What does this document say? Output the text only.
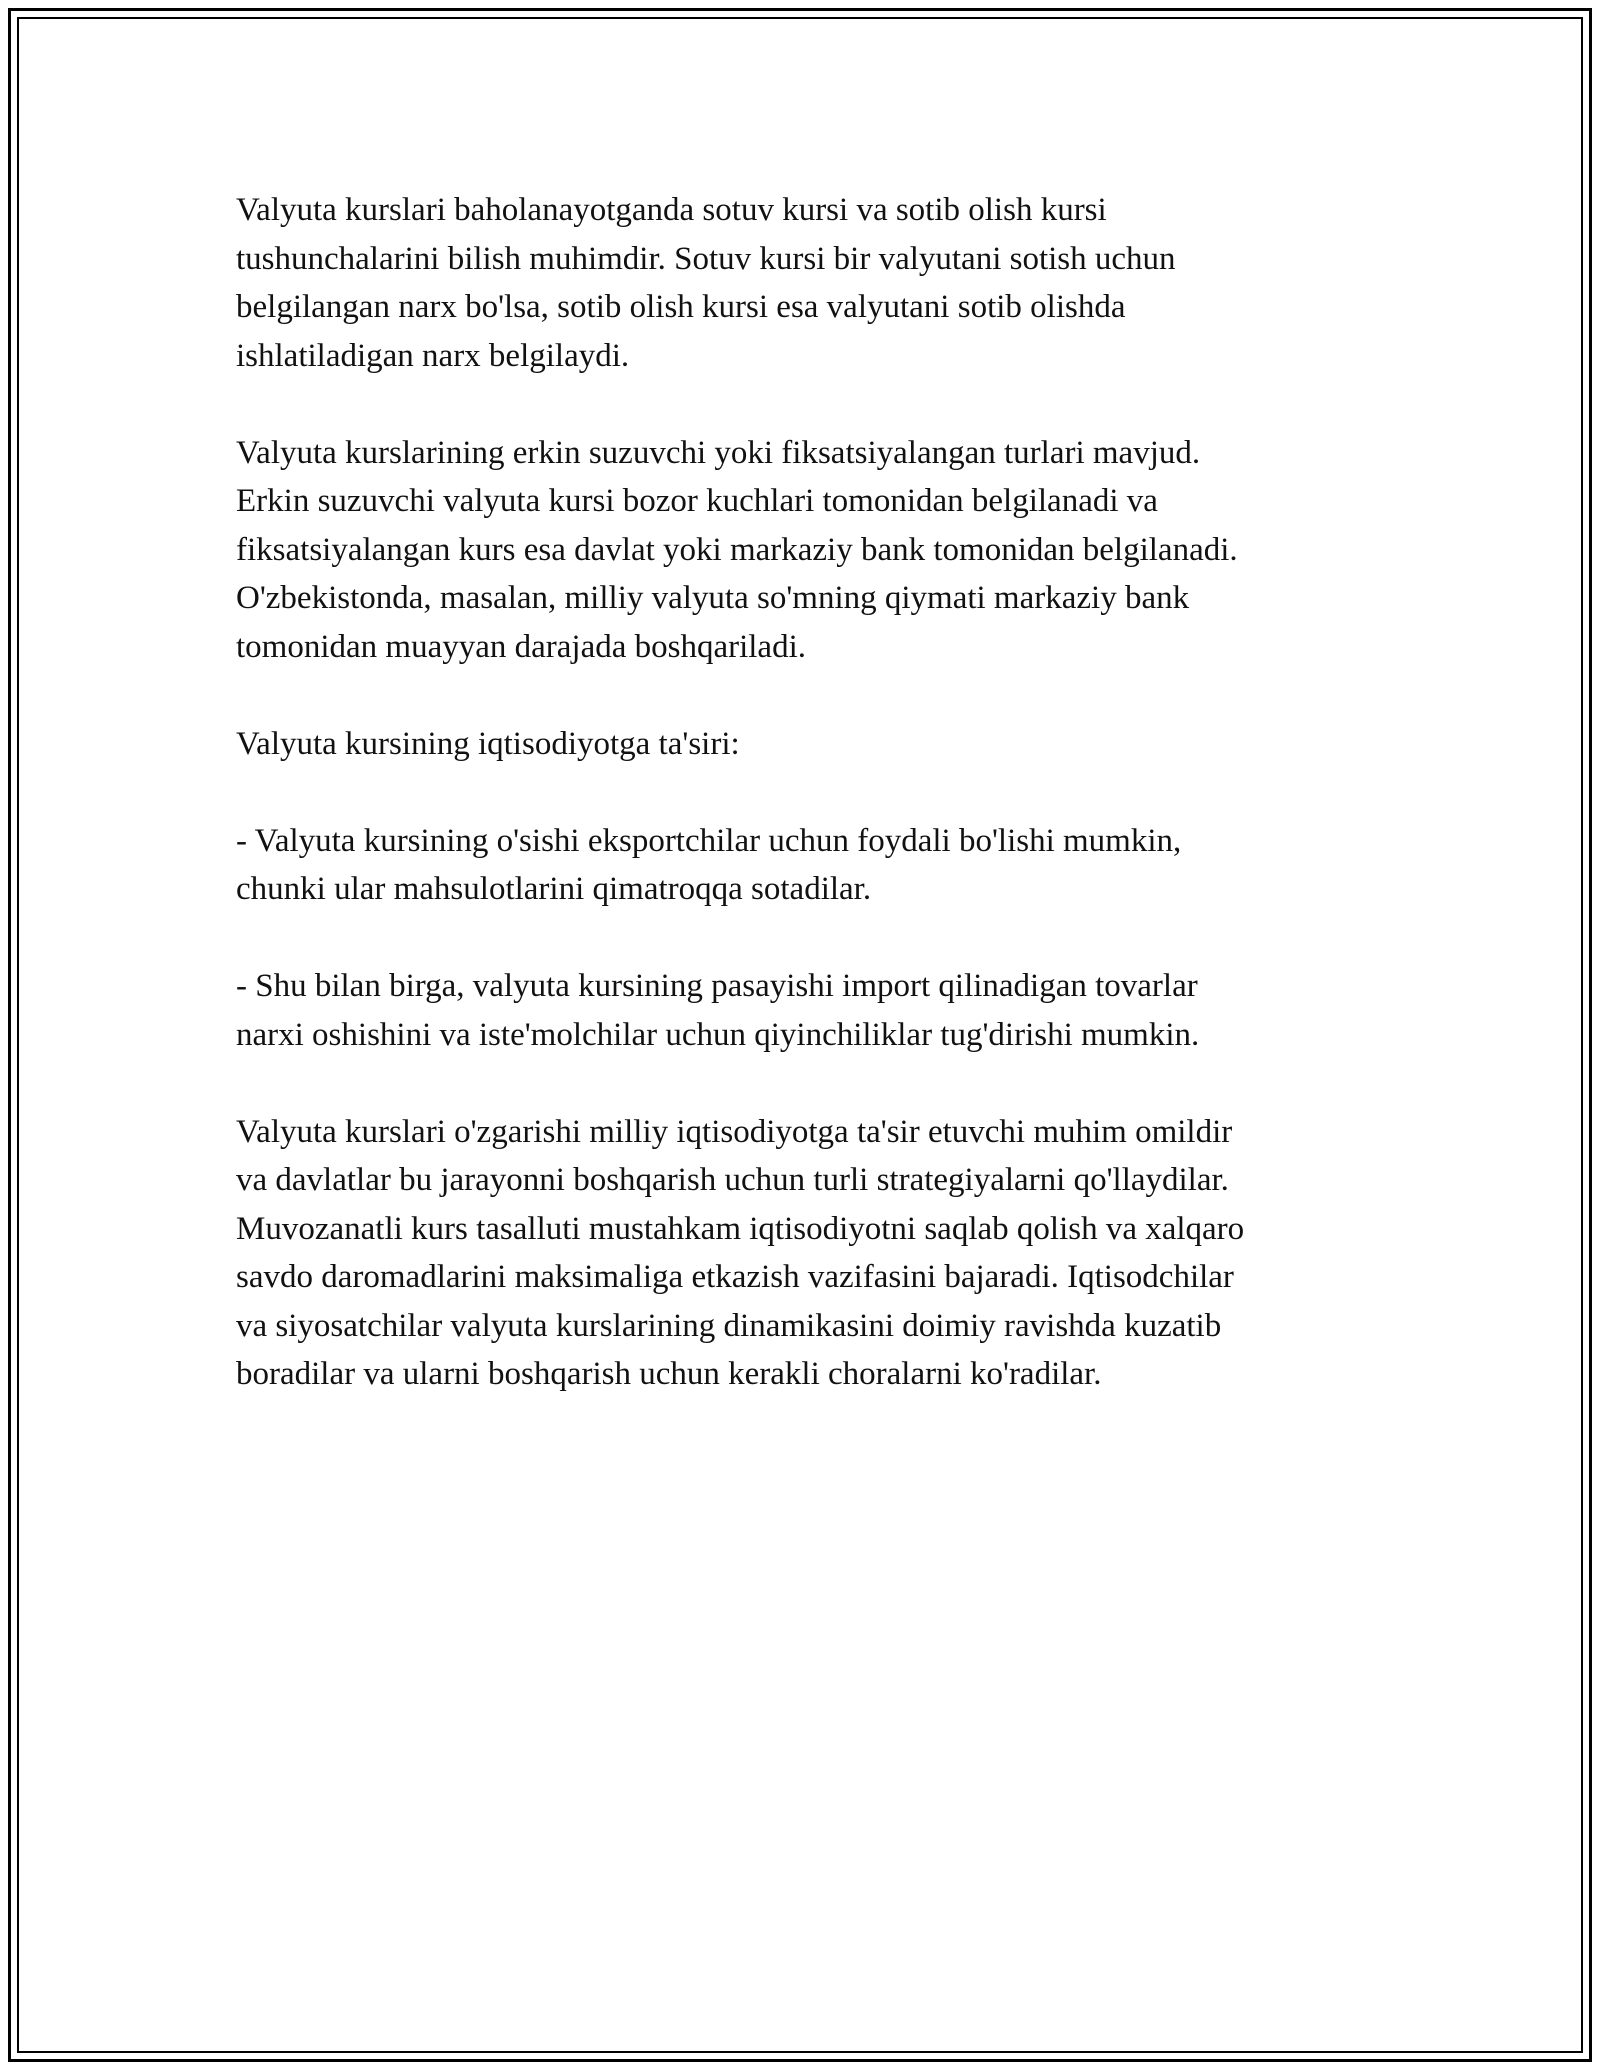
Valyuta kurslari baholanayotganda sotuv kursi va sotib olish kursi
tushunchalarini bilish muhimdir. Sotuv kursi bir valyutani sotish uchun
belgilangan narx bo'lsa, sotib olish kursi esa valyutani sotib olishda
ishlatiladigan narx belgilaydi.

Valyuta kurslarining erkin suzuvchi yoki fiksatsiyalangan turlari mavjud.
Erkin suzuvchi valyuta kursi bozor kuchlari tomonidan belgilanadi va
fiksatsiyalangan kurs esa davlat yoki markaziy bank tomonidan belgilanadi.
O'zbekistonda, masalan, milliy valyuta so'mning qiymati markaziy bank
tomonidan muayyan darajada boshqariladi.

Valyuta kursining iqtisodiyotga ta'siri:

- Valyuta kursining o'sishi eksportchilar uchun foydali bo'lishi mumkin,
chunki ular mahsulotlarini qimatroqqa sotadilar.

- Shu bilan birga, valyuta kursining pasayishi import qilinadigan tovarlar
narxi oshishini va iste'molchilar uchun qiyinchiliklar tug'dirishi mumkin.

Valyuta kurslari o'zgarishi milliy iqtisodiyotga ta'sir etuvchi muhim omildir
va davlatlar bu jarayonni boshqarish uchun turli strategiyalarni qo'llaydilar.
Muvozanatli kurs tasalluti mustahkam iqtisodiyotni saqlab qolish va xalqaro
savdo daromadlarini maksimaliga etkazish vazifasini bajaradi. Iqtisodchilar
va siyosatchilar valyuta kurslarining dinamikasini doimiy ravishda kuzatib
boradilar va ularni boshqarish uchun kerakli choralarni ko'radilar.
